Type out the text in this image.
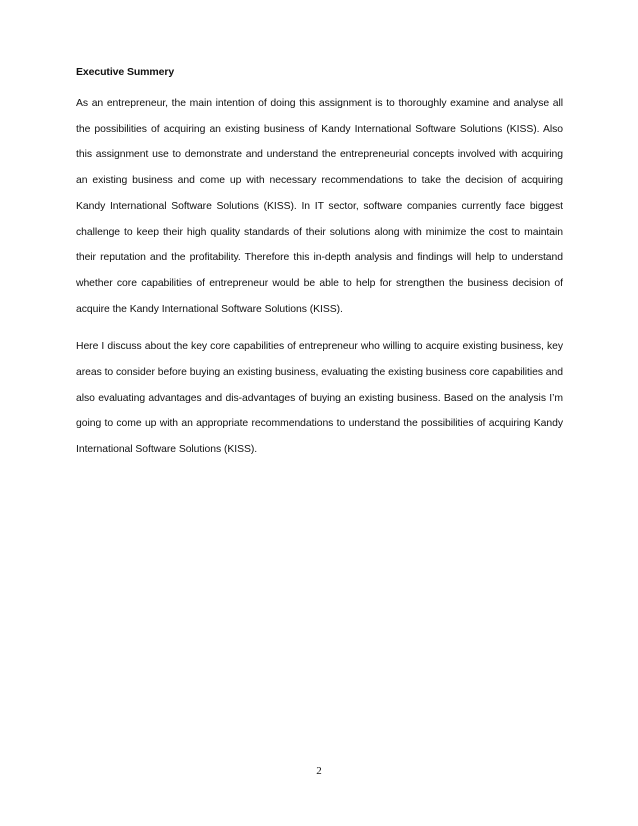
Executive Summery

As an entrepreneur, the main intention of doing this assignment is to thoroughly examine and analyse all the possibilities of acquiring an existing business of Kandy International Software Solutions (KISS). Also this assignment use to demonstrate and understand the entrepreneurial concepts involved with acquiring an existing business and come up with necessary recommendations to take the decision of acquiring Kandy International Software Solutions (KISS). In IT sector, software companies currently face biggest challenge to keep their high quality standards of their solutions along with minimize the cost to maintain their reputation and the profitability. Therefore this in-depth analysis and findings will help to understand whether core capabilities of entrepreneur would be able to help for strengthen the business decision of acquire the Kandy International Software Solutions (KISS).

Here I discuss about the key core capabilities of entrepreneur who willing to acquire existing business, key areas to consider before buying an existing business, evaluating the existing business core capabilities and also evaluating advantages and dis-advantages of buying an existing business. Based on the analysis I’m going to come up with an appropriate recommendations to understand the possibilities of acquiring Kandy International Software Solutions (KISS).

2
